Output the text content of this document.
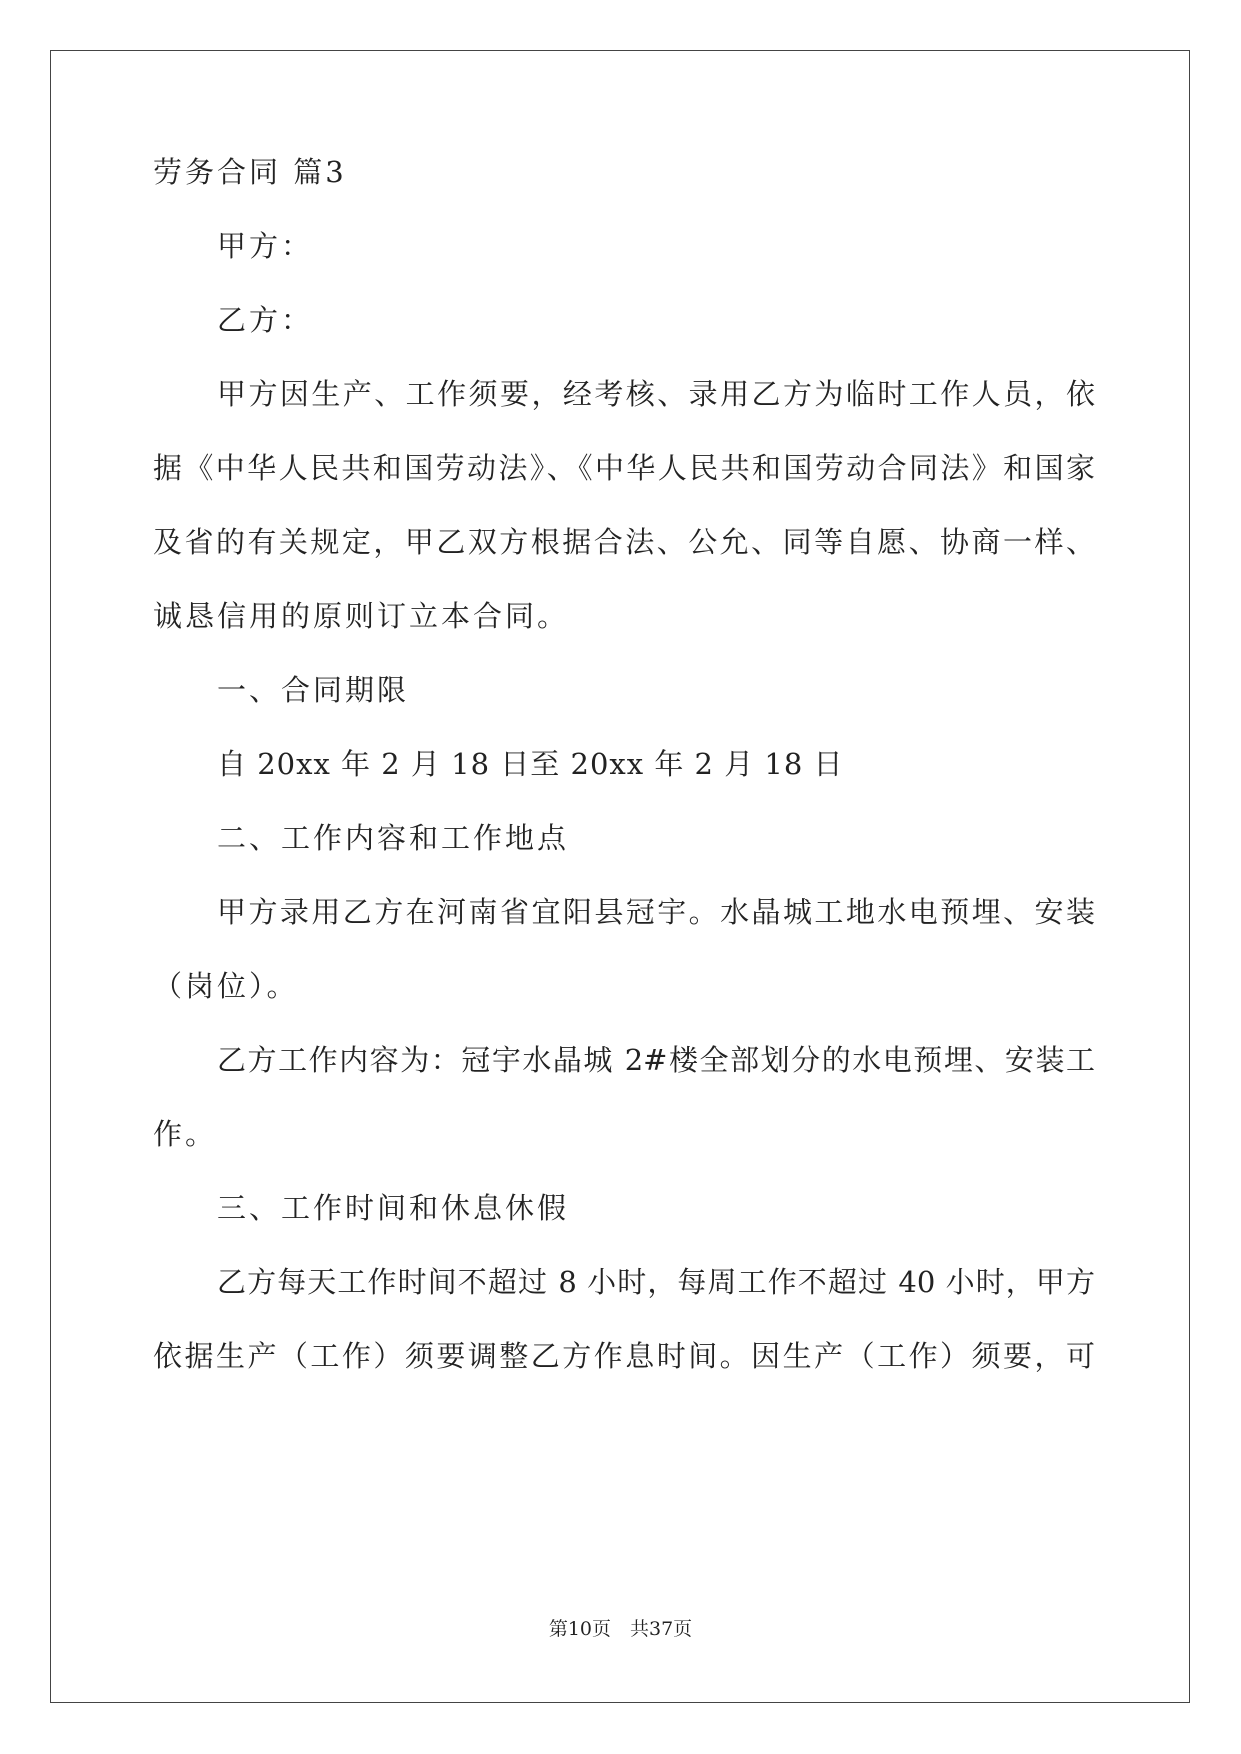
劳务合同 篇3
甲方：
乙方：
甲方因生产、工作须要，经考核、录用乙方为临时工作人员，依
据《中华人民共和国劳动法》、《中华人民共和国劳动合同法》和国家
及省的有关规定，甲乙双方根据合法、公允、同等自愿、协商一样、
诚恳信用的原则订立本合同。
一、合同期限
自 20xx 年 2 月 18 日至 20xx 年 2 月 18 日
二、工作内容和工作地点
甲方录用乙方在河南省宜阳县冠宇。水晶城工地水电预埋、安装
（岗位）。
乙方工作内容为：冠宇水晶城 2#楼全部划分的水电预埋、安装工
作。
三、工作时间和休息休假
乙方每天工作时间不超过 8 小时，每周工作不超过 40 小时，甲方
依据生产（工作）须要调整乙方作息时间。因生产（工作）须要，可
第10页　共37页
